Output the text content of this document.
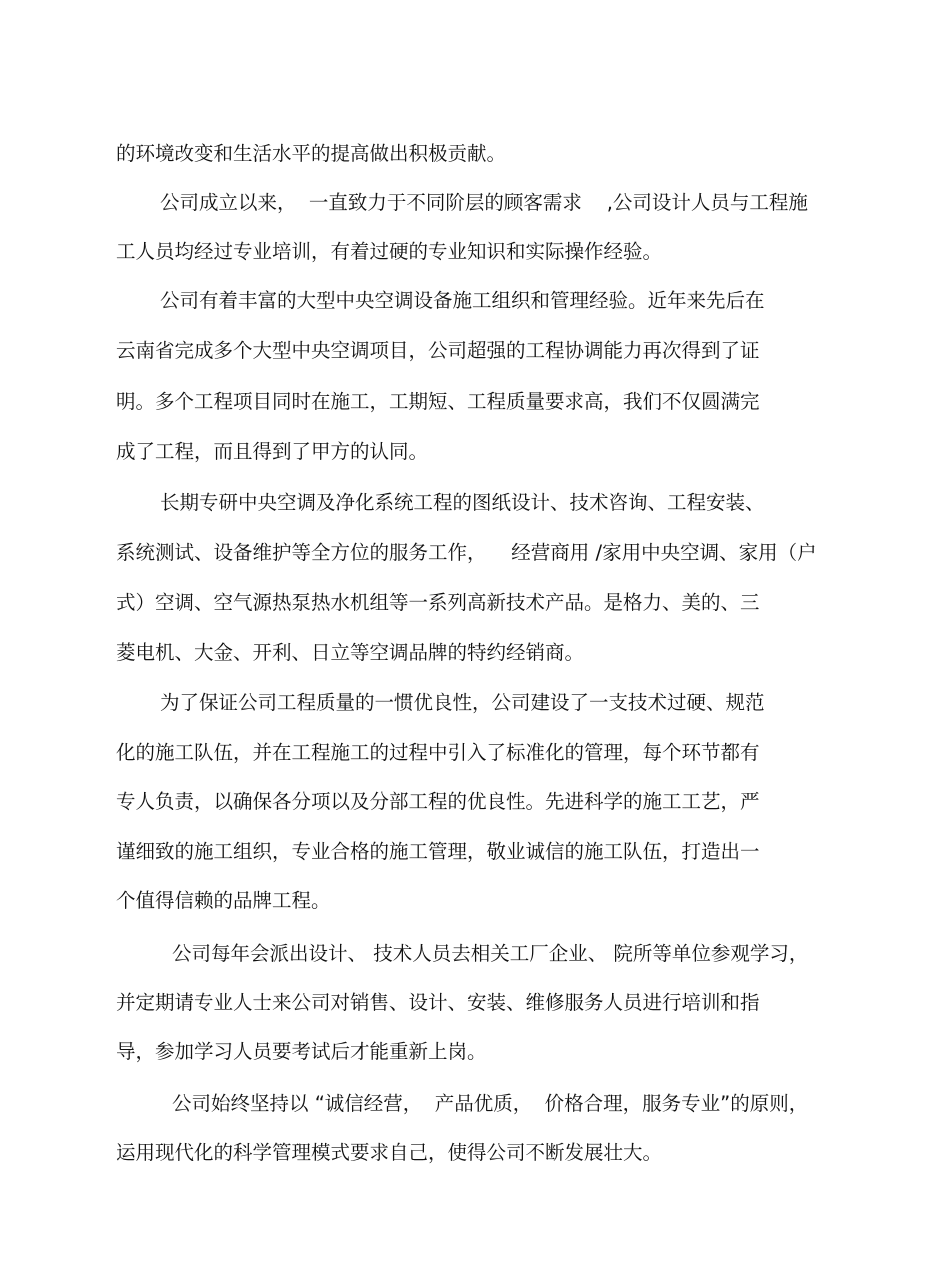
的环境改变和生活水平的提高做出积极贡献。

公司成立以来，  一直致力于不同阶层的顾客需求    ,公司设计人员与工程施

工人员均经过专业培训，有着过硬的专业知识和实际操作经验。

公司有着丰富的大型中央空调设备施工组织和管理经验。近年来先后在

云南省完成多个大型中央空调项目，公司超强的工程协调能力再次得到了证

明。多个工程项目同时在施工，工期短、工程质量要求高，我们不仅圆满完

成了工程，而且得到了甲方的认同。

长期专研中央空调及净化系统工程的图纸设计、技术咨询、工程安装、

系统测试、设备维护等全方位的服务工作，    经营商用 /家用中央空调、家用（户

式）空调、空气源热泵热水机组等一系列高新技术产品。是格力、美的、三

菱电机、大金、开利、日立等空调品牌的特约经销商。

为了保证公司工程质量的一惯优良性，公司建设了一支技术过硬、规范

化的施工队伍，并在工程施工的过程中引入了标准化的管理，每个环节都有

专人负责，以确保各分项以及分部工程的优良性。先进科学的施工工艺，严

谨细致的施工组织，专业合格的施工管理，敬业诚信的施工队伍，打造出一

个值得信赖的品牌工程。

公司每年会派出设计、 技术人员去相关工厂企业、 院所等单位参观学习，

并定期请专业人士来公司对销售、设计、安装、维修服务人员进行培训和指

导，参加学习人员要考试后才能重新上岗。

公司始终坚持以 “诚信经营，  产品优质，  价格合理，服务专业”的原则，

运用现代化的科学管理模式要求自己，使得公司不断发展壮大。
